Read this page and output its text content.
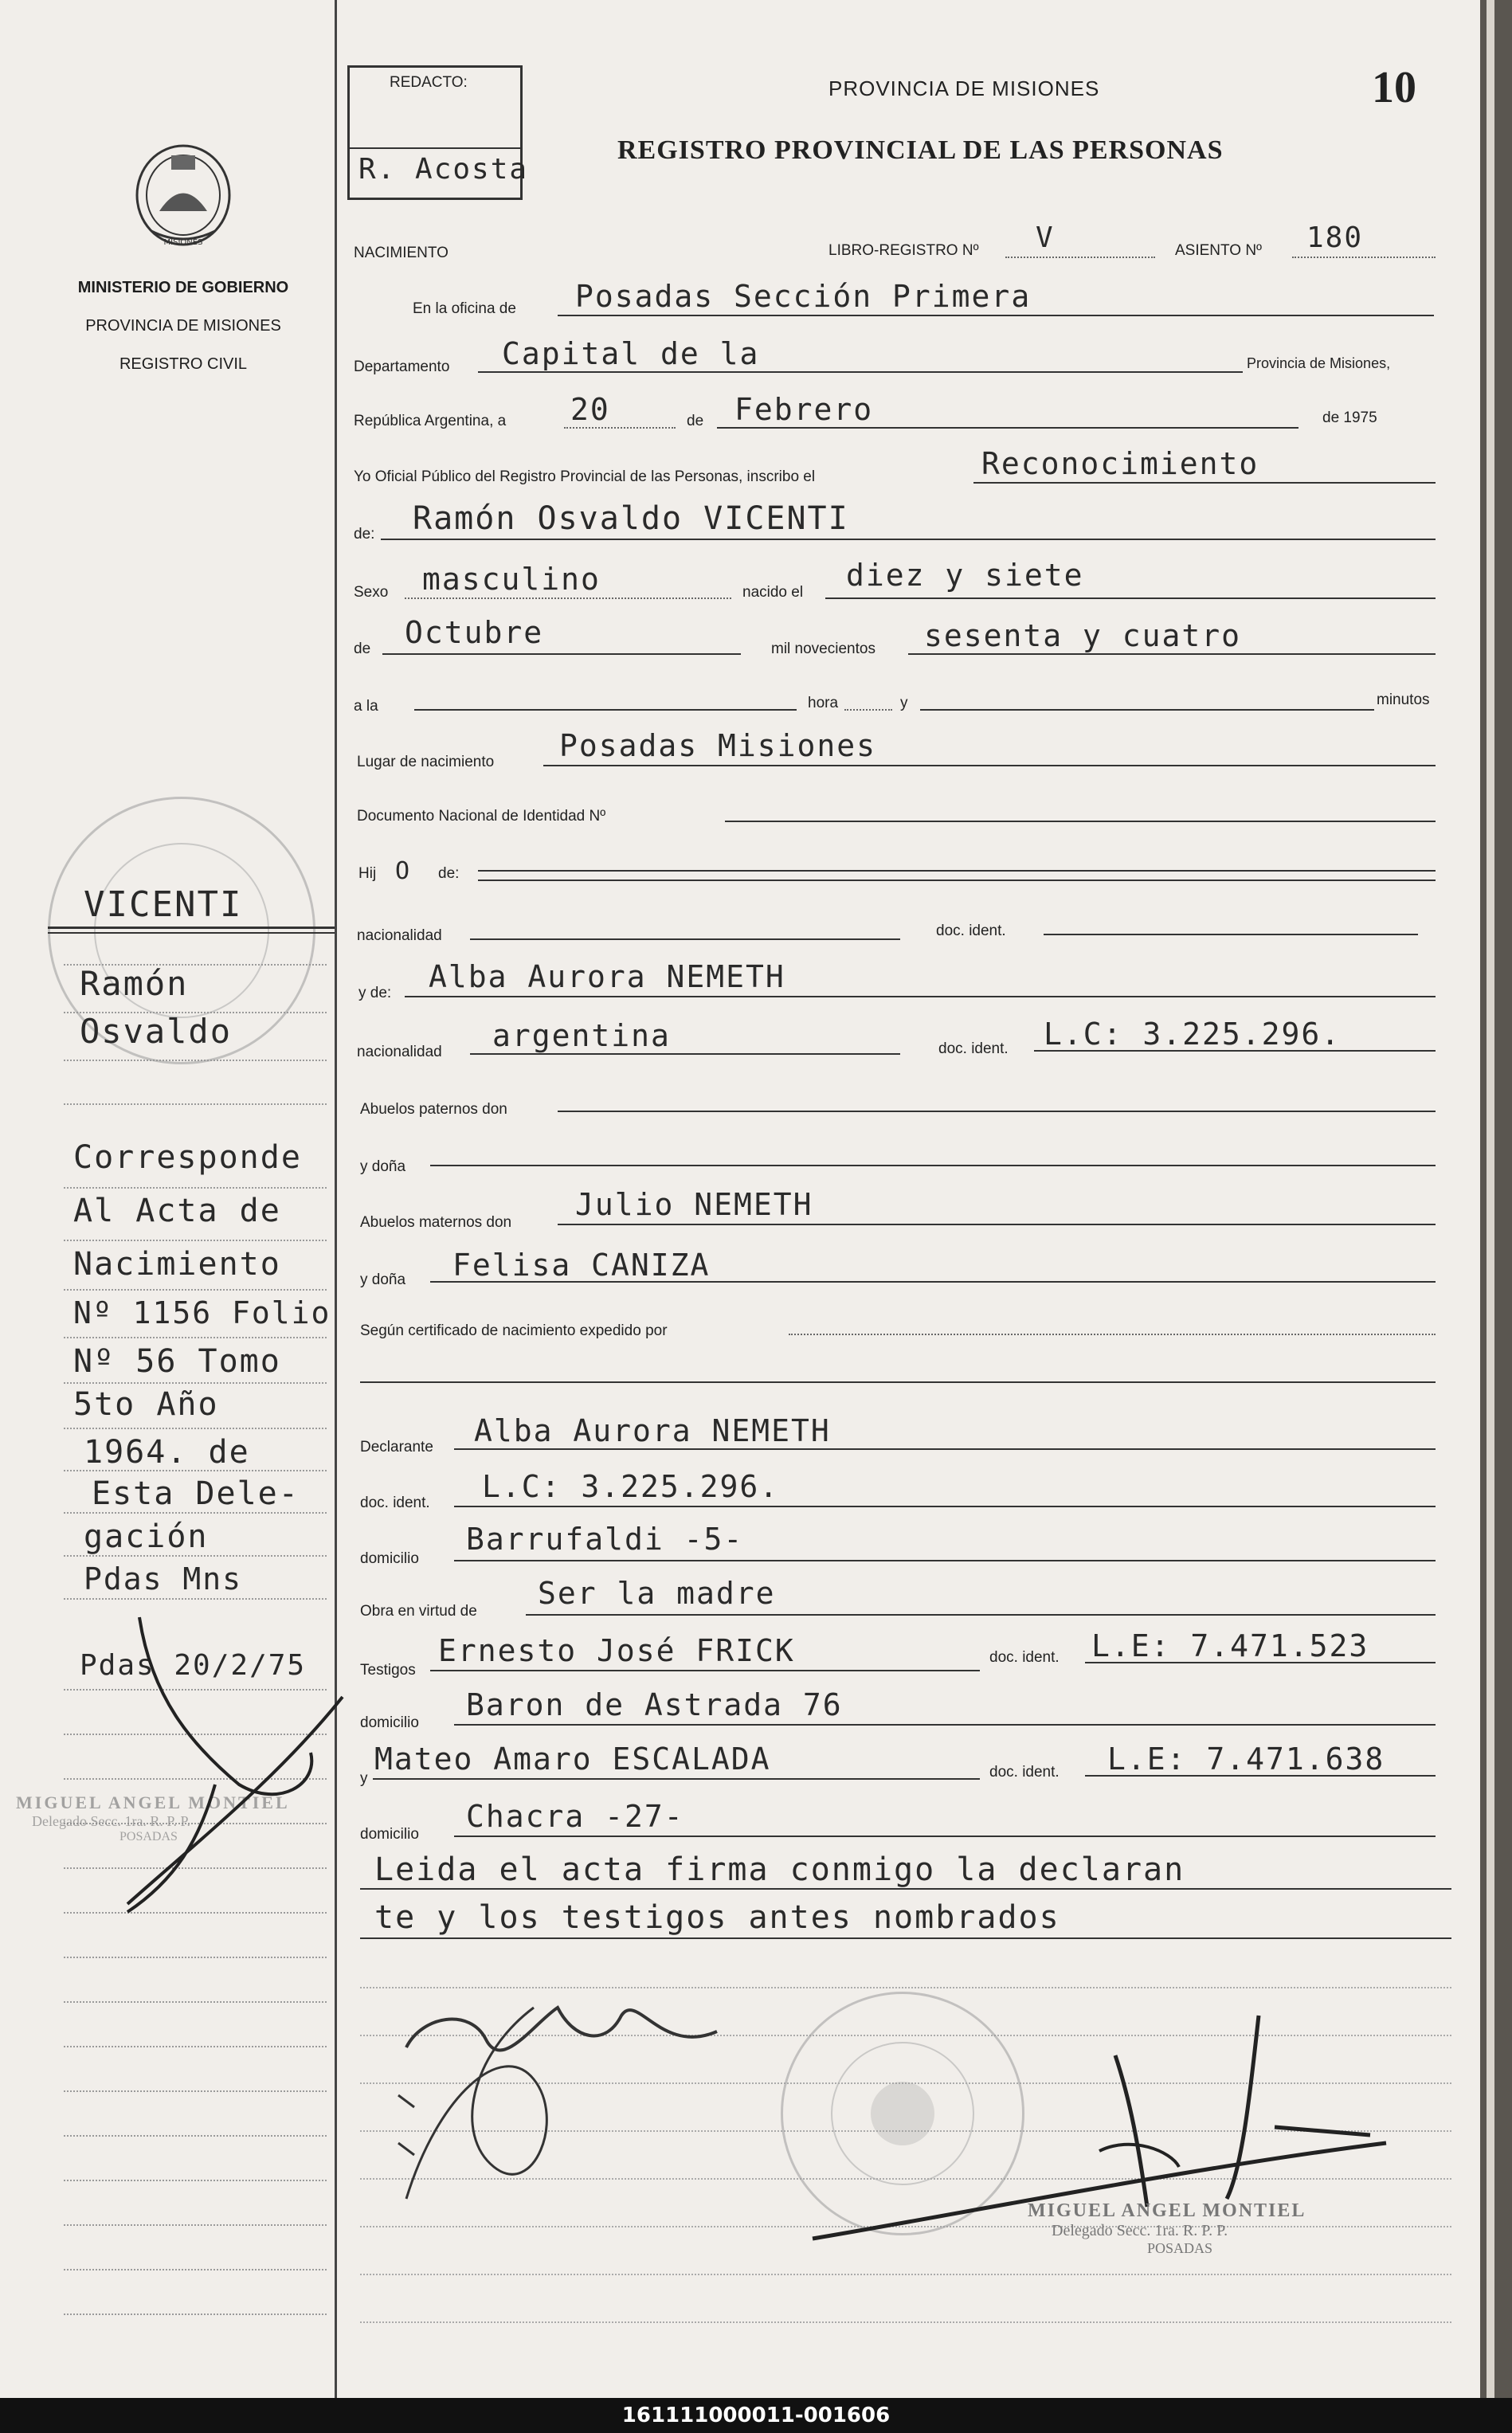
MISIONES
MINISTERIO DE GOBIERNO
PROVINCIA DE MISIONES
REGISTRO CIVIL
VICENTI
Ramón
Osvaldo
Corresponde
Al Acta de
Nacimiento
Nº 1156 Folio
Nº 56 Tomo
5to Año
1964. de
Esta Dele-
gación
Pdas Mns
Pdas 20/2/75
MIGUEL ANGEL MONTIEL
Delegado Secc. 1ra. R. P. P.
POSADAS
REDACTO:
R. Acosta
PROVINCIA DE MISIONES
REGISTRO PROVINCIAL DE LAS PERSONAS
10
NACIMIENTO	LIBRO-REGISTRO Nº V	ASIENTO Nº 180
En la oficina de Posadas Sección Primera
Departamento Capital de la	Provincia de Misiones,
República Argentina, a 20	de Febrero	de 1975
Yo Oficial Público del Registro Provincial de las Personas, inscribo el	Reconocimiento
de: Ramón Osvaldo VICENTI
Sexo masculino	nacido el diez y siete
de Octubre	mil novecientos sesenta y cuatro
a la	hora	y	minutos
Lugar de nacimiento Posadas Misiones
Documento Nacional de Identidad Nº
Hij O de:
nacionalidad	doc. ident.
y de: Alba Aurora NEMETH
nacionalidad argentina	doc. ident. L.C: 3.225.296.
Abuelos paternos don
y doña
Abuelos maternos don
Julio NEMETH
y doña Felisa CANIZA
Según certificado de nacimiento expedido por
Declarante Alba Aurora NEMETH
doc. ident. L.C: 3.225.296.
domicilio
Barrufaldi -5-
Obra en virtud de
Ser la madre
Testigos
Ernesto José FRICK	doc. ident. L.E: 7.471.523
domicilio
Baron de Astrada 76
y
Mateo Amaro ESCALADA	doc. ident. L.E: 7.471.638
domicilio
Chacra -27-
Leida el acta firma conmigo la declaran
te y los testigos antes nombrados
MIGUEL ANGEL MONTIEL
Delegado Secc. 1ra. R. P. P.
POSADAS
161111000011-001606
